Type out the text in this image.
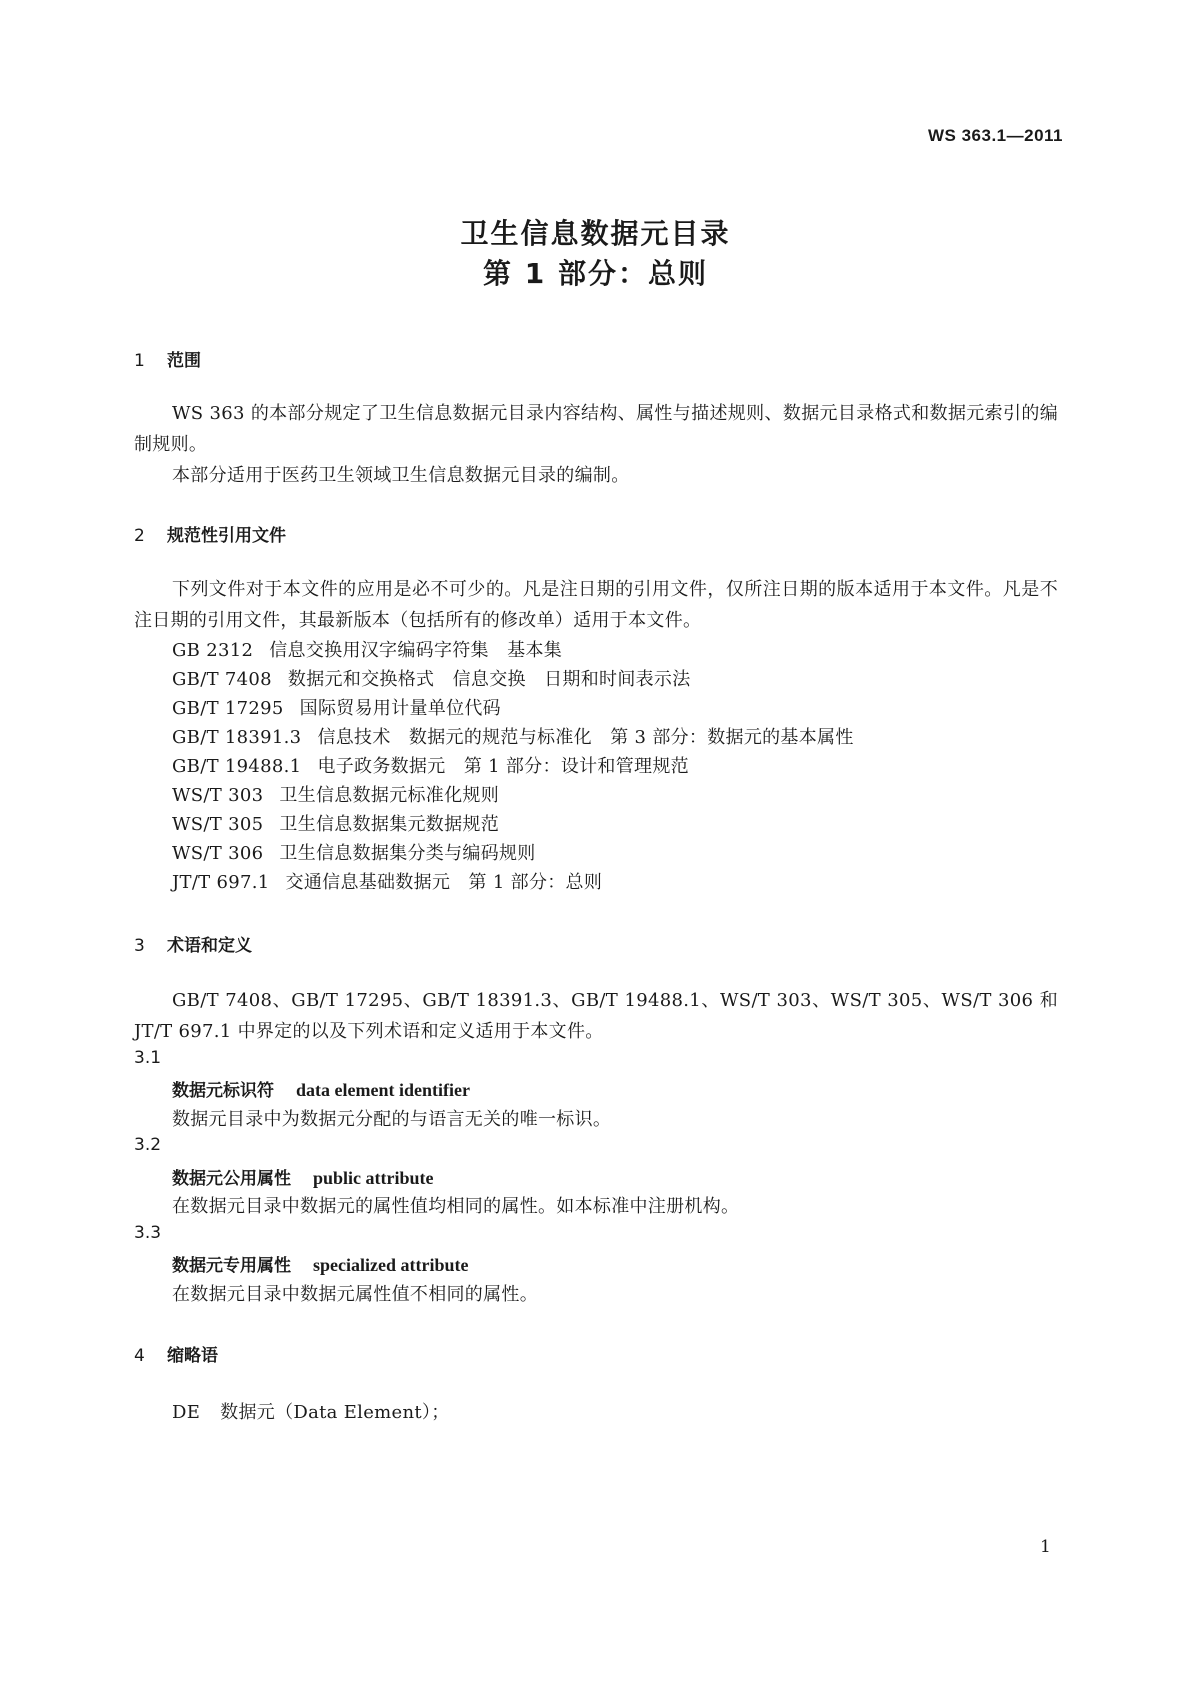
WS 363.1—2011
卫生信息数据元目录
第 1 部分：总则
1 范围

WS 363 的本部分规定了卫生信息数据元目录内容结构、属性与描述规则、数据元目录格式和数据元索引的编制规则。

本部分适用于医药卫生领域卫生信息数据元目录的编制。

2 规范性引用文件

下列文件对于本文件的应用是必不可少的。凡是注日期的引用文件，仅所注日期的版本适用于本文件。凡是不注日期的引用文件，其最新版本（包括所有的修改单）适用于本文件。

GB 2312 信息交换用汉字编码字符集　基本集
GB/T 7408 数据元和交换格式　信息交换　日期和时间表示法
GB/T 17295 国际贸易用计量单位代码
GB/T 18391.3 信息技术　数据元的规范与标准化　第 3 部分：数据元的基本属性
GB/T 19488.1 电子政务数据元　第 1 部分：设计和管理规范
WS/T 303 卫生信息数据元标准化规则
WS/T 305 卫生信息数据集元数据规范
WS/T 306 卫生信息数据集分类与编码规则
JT/T 697.1 交通信息基础数据元　第 1 部分：总则
3 术语和定义

GB/T 7408、GB/T 17295、GB/T 18391.3、GB/T 19488.1、WS/T 303、WS/T 305、WS/T 306 和 JT/T 697.1 中界定的以及下列术语和定义适用于本文件。

3.1
数据元标识符 data element identifier
数据元目录中为数据元分配的与语言无关的唯一标识。
3.2
数据元公用属性 public attribute
在数据元目录中数据元的属性值均相同的属性。如本标准中注册机构。
3.3
数据元专用属性 specialized attribute
在数据元目录中数据元属性值不相同的属性。
4 缩略语
DE 数据元（Data Element）；
1
